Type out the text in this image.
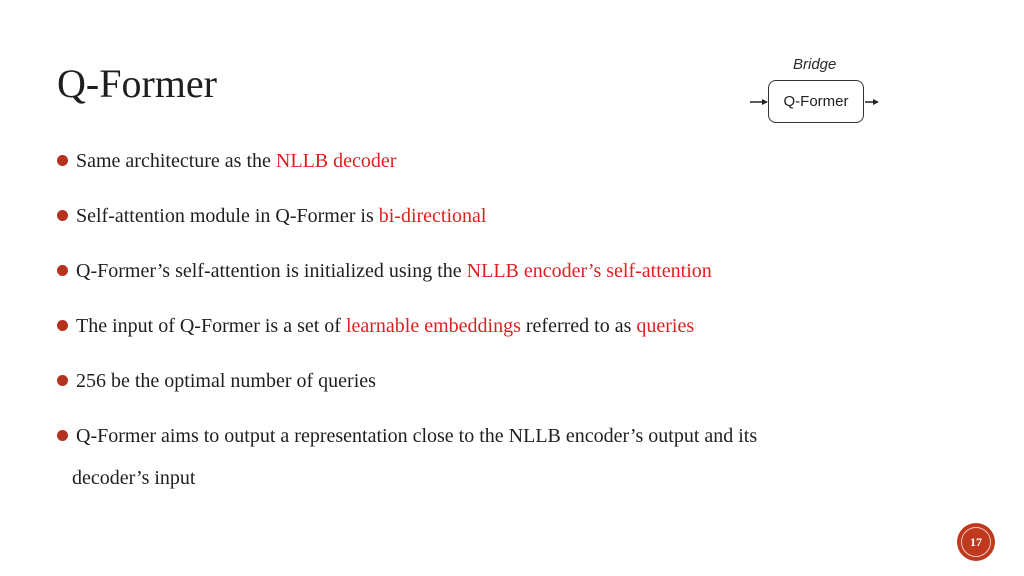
Q-Former	Bridge
Q-Former
Same architecture as the NLLB decoder
Self-attention module in Q-Former is bi-directional
Q-Former’s self-attention is initialized using the NLLB encoder’s self-attention
The input of Q-Former is a set of learnable embeddings referred to as queries
256 be the optimal number of queries
Q-Former aims to output a representation close to the NLLB encoder’s output and its
decoder’s input
17
